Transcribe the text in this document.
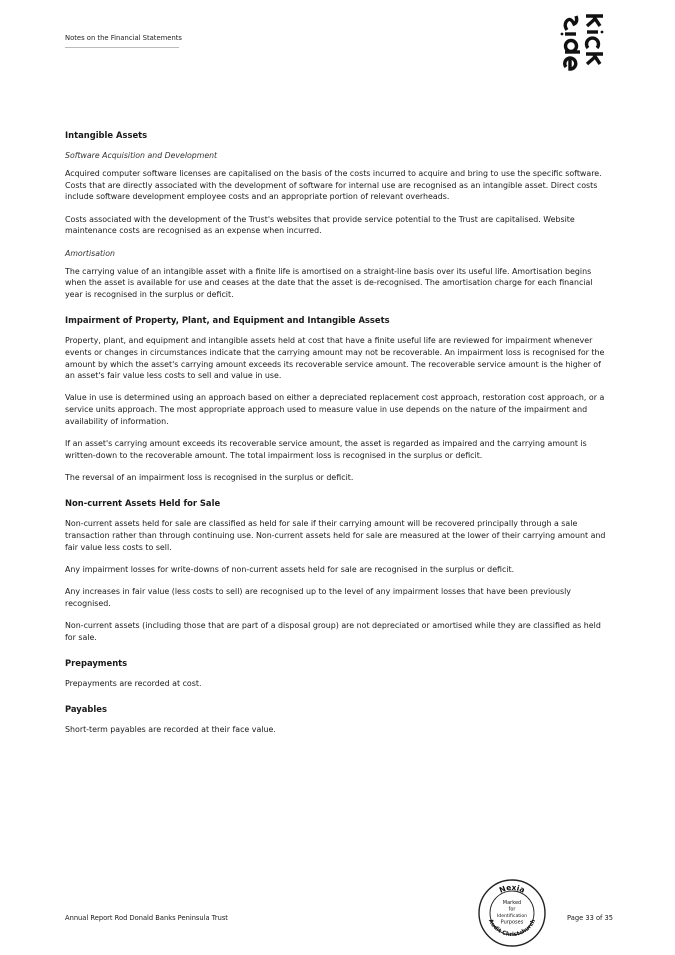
Notes on the Financial Statements
Intangible Assets
Software Acquisition and Development

Acquired computer software licenses are capitalised on the basis of the costs incurred to acquire and bring to use the specific software. Costs that are directly associated with the development of software for internal use are recognised as an intangible asset. Direct costs include software development employee costs and an appropriate portion of relevant overheads.

Costs associated with the development of the Trust's websites that provide service potential to the Trust are capitalised. Website maintenance costs are recognised as an expense when incurred.

Amortisation

The carrying value of an intangible asset with a finite life is amortised on a straight-line basis over its useful life. Amortisation begins when the asset is available for use and ceases at the date that the asset is de-recognised. The amortisation charge for each financial year is recognised in the surplus or deficit.

Impairment of Property, Plant, and Equipment and Intangible Assets

Property, plant, and equipment and intangible assets held at cost that have a finite useful life are reviewed for impairment whenever events or changes in circumstances indicate that the carrying amount may not be recoverable. An impairment loss is recognised for the amount by which the asset's carrying amount exceeds its recoverable service amount. The recoverable service amount is the higher of an asset's fair value less costs to sell and value in use.

Value in use is determined using an approach based on either a depreciated replacement cost approach, restoration cost approach, or a service units approach. The most appropriate approach used to measure value in use depends on the nature of the impairment and availability of information.

If an asset's carrying amount exceeds its recoverable service amount, the asset is regarded as impaired and the carrying amount is written-down to the recoverable amount. The total impairment loss is recognised in the surplus or deficit.

The reversal of an impairment loss is recognised in the surplus or deficit.

Non-current Assets Held for Sale

Non-current assets held for sale are classified as held for sale if their carrying amount will be recovered principally through a sale transaction rather than through continuing use. Non-current assets held for sale are measured at the lower of their carrying amount and fair value less costs to sell.

Any impairment losses for write-downs of non-current assets held for sale are recognised in the surplus or deficit.

Any increases in fair value (less costs to sell) are recognised up to the level of any impairment losses that have been previously recognised.

Non-current assets (including those that are part of a disposal group) are not depreciated or amortised while they are classified as held for sale.

Prepayments

Prepayments are recorded at cost.

Payables

Short-term payables are recorded at their face value.

Annual Report Rod Donald Banks Peninsula Trust
Nexia
Audit Christchurch
Marked
for
Identification
Purposes
Page 33 of 35
